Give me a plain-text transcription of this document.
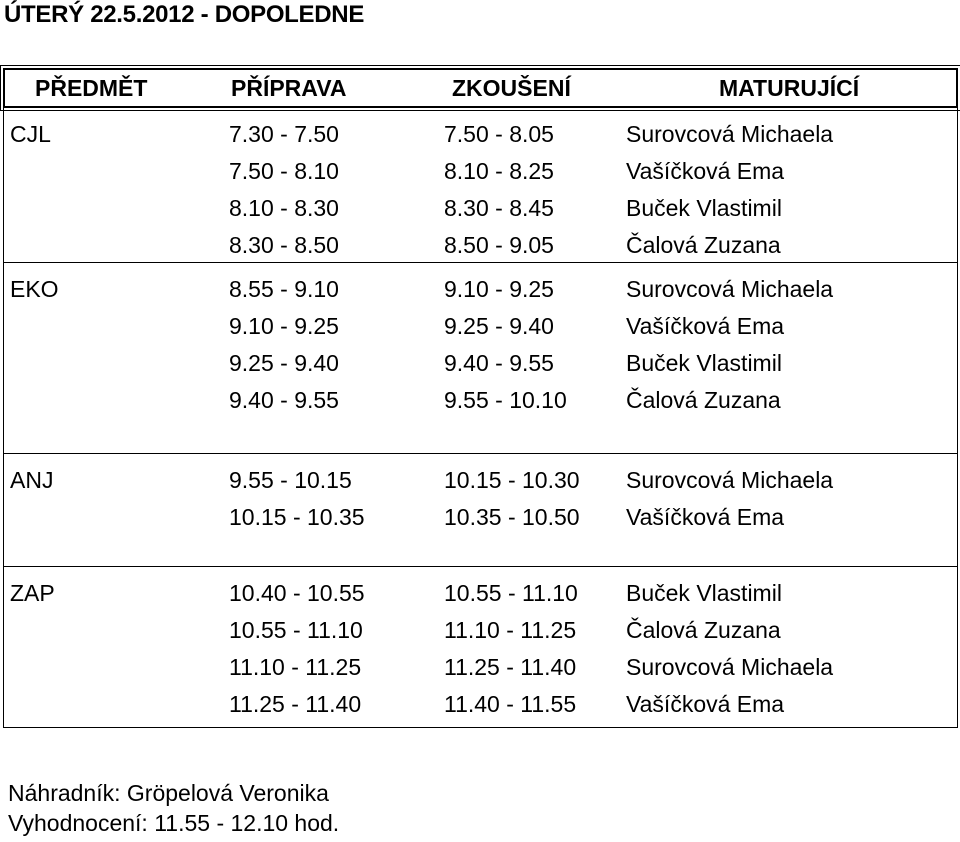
ÚTERÝ 22.5.2012 - DOPOLEDNE
PŘEDMĚT	PŘÍPRAVA	ZKOUŠENÍ	MATURUJÍCÍ
CJL	7.30 - 7.50	7.50 - 8.05	Surovcová Michaela
7.50 - 8.10	8.10 - 8.25	Vašíčková Ema
8.10 - 8.30	8.30 - 8.45	Buček Vlastimil
8.30 - 8.50	8.50 - 9.05	Čalová Zuzana
EKO	8.55 - 9.10	9.10 - 9.25	Surovcová Michaela
9.10 - 9.25	9.25 - 9.40	Vašíčková Ema
9.25 - 9.40	9.40 - 9.55	Buček Vlastimil
9.40 - 9.55	9.55 - 10.10	Čalová Zuzana
ANJ	9.55 - 10.15	10.15 - 10.30 Surovcová Michaela
10.15 - 10.35	10.35 - 10.50 Vašíčková Ema
ZAP	10.40 - 10.55	10.55 - 11.10 Buček Vlastimil
10.55 - 11.10	11.10 - 11.25 Čalová Zuzana
11.10 - 11.25	11.25 - 11.40 Surovcová Michaela
11.25 - 11.40	11.40 - 11.55 Vašíčková Ema
Náhradník: Gröpelová Veronika
Vyhodnocení: 11.55 - 12.10 hod.
